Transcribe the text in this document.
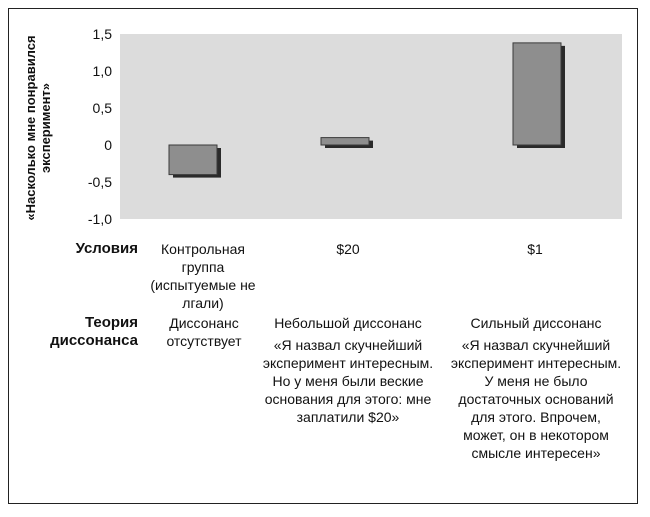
1,5
1,0
0,5
0
-0,5
-1,0
«Насколько мне понравился эксперимент»
Условия	Контрольная группа (испытуемые не лгали)
$20	$1
Теория диссонанса
Диссонанс отсутствует
Небольшой диссонанс
«Я назвал скучнейший эксперимент интересным. Но у меня были веские основания для этого: мне заплатили $20»
Сильный диссонанс
«Я назвал скучнейший эксперимент интересным. У меня не было достаточных оснований для этого. Впрочем, может, он в некотором смысле интересен»
